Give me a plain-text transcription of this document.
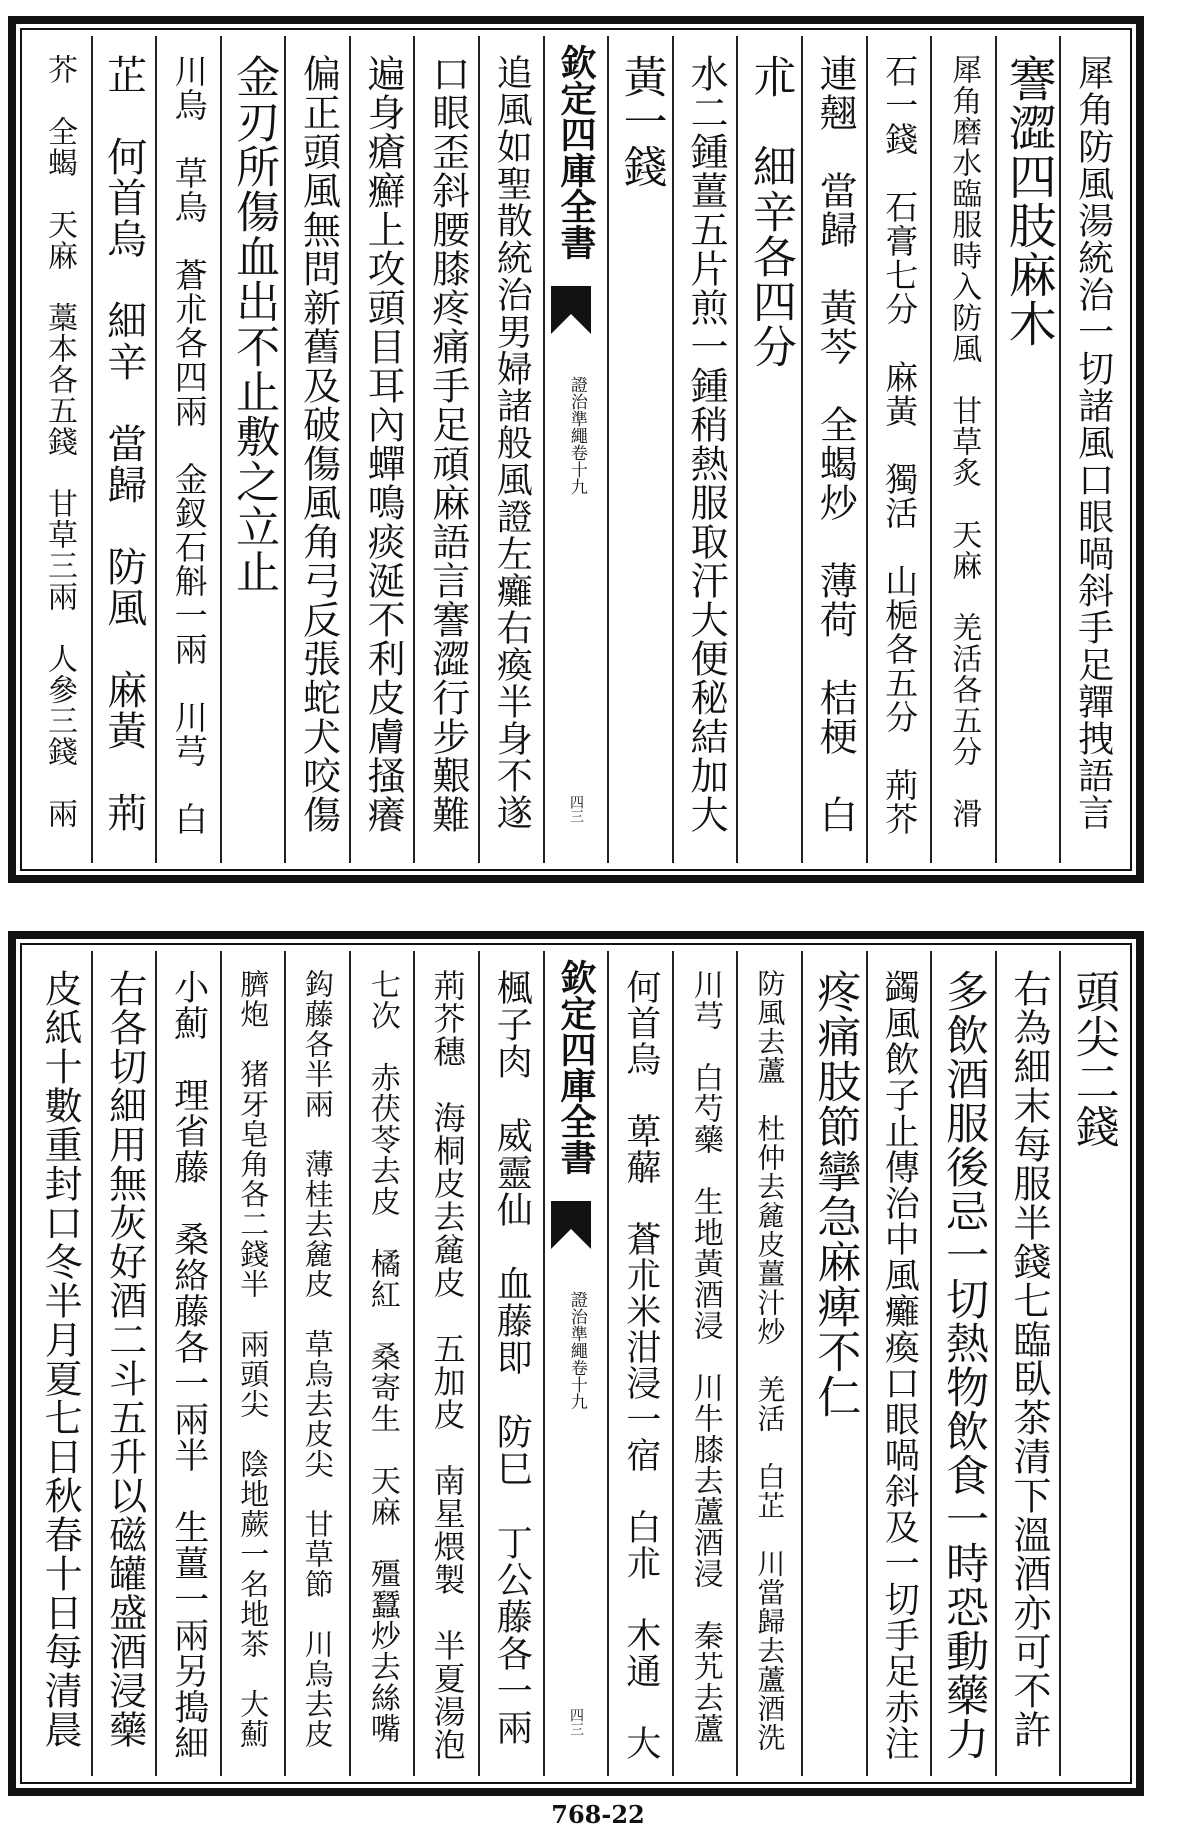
犀角防風湯統治一切諸風口眼喎斜手足嚲拽語言
謇澀四肢麻木
犀角磨水臨服時入防風　甘草炙　天麻　羌活各五分　滑
石一錢　石膏七分　麻黃　獨活　山梔各五分　荊芥
連翹　當歸　黃芩　全蝎炒　薄荷　桔梗　白
朮　細辛各四分
水二鍾薑五片煎一鍾稍熱服取汗大便秘結加大
黃一錢
欽定四庫全書
證治準繩卷十九
四三
追風如聖散統治男婦諸般風證左癱右瘓半身不遂
口眼歪斜腰膝疼痛手足頑麻語言謇澀行步艱難
遍身瘡癬上攻頭目耳內蟬鳴痰涎不利皮膚搔癢
偏正頭風無問新舊及破傷風角弓反張蛇犬咬傷
金刃所傷血出不止敷之立止
川烏　草烏　蒼朮各四兩　金釵石斛一兩　川芎　白
芷　何首烏　細辛　當歸　防風　麻黃　荊
芥　全蝎　天麻　藁本各五錢　甘草三兩　人參三錢　兩
頭尖二錢
右為細末每服半錢七臨臥茶清下溫酒亦可不許
多飲酒服後忌一切熱物飲食一時恐動藥力
蠲風飲子止傳治中風癱瘓口眼喎斜及一切手足赤注
疼痛肢節攣急麻痺不仁
防風去蘆　杜仲去麄皮薑汁炒　羌活　白芷　川當歸去蘆酒洗
川芎　白芍藥　生地黃酒浸　川牛膝去蘆酒浸　秦艽去蘆
何首烏　萆薢　蒼朮米泔浸一宿　白朮　木通　大
欽定四庫全書
證治準繩卷十九
四三
楓子肉　威靈仙　血藤即　防巳　丁公藤各一兩
荊芥穗　海桐皮去麄皮　五加皮　南星煨製　半夏湯泡
七次　赤茯苓去皮　橘紅　桑寄生　天麻　殭蠶炒去絲嘴
鈎藤各半兩　薄桂去麄皮　草烏去皮尖　甘草節　川烏去皮
臍炮　猪牙皂角各二錢半　兩頭尖　陰地蕨一名地茶　大薊
小薊　理省藤　桑絡藤各一兩半　生薑一兩另搗細
右各切細用無灰好酒二斗五升以磁罐盛酒浸藥
皮紙十數重封口冬半月夏七日秋春十日每清晨
768-22
